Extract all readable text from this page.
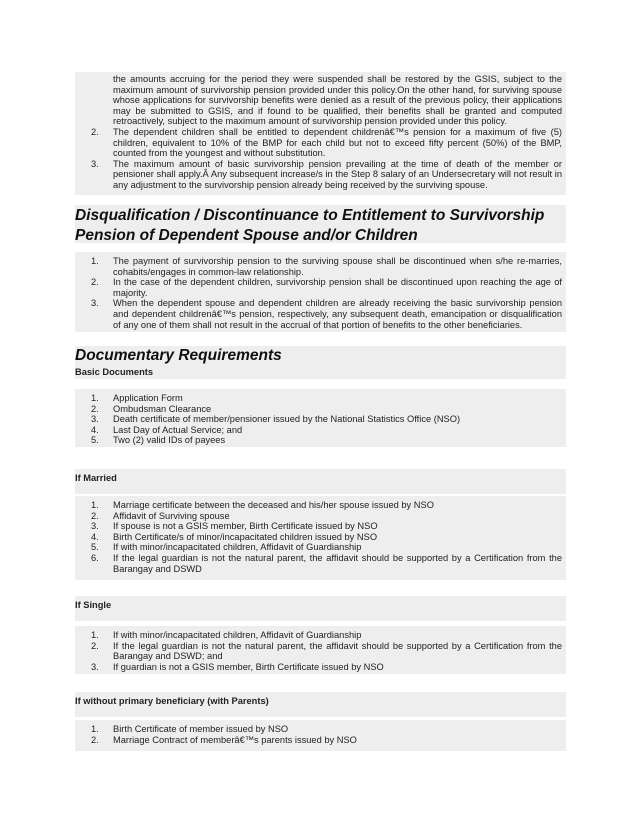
the amounts accruing for the period they were suspended shall be restored by the GSIS, subject to the maximum amount of survivorship pension provided under this policy.On the other hand, for surviving spouse whose applications for survivorship benefits were denied as a result of the previous policy, their applications may be submitted to GSIS, and if found to be qualified, their benefits shall be granted and computed retroactively, subject to the maximum amount of survivorship pension provided under this policy.
2. The dependent children shall be entitled to dependent childrenâ€™s pension for a maximum of five (5) children, equivalent to 10% of the BMP for each child but not to exceed fifty percent (50%) of the BMP, counted from the youngest and without substitution.
3. The maximum amount of basic survivorship pension prevailing at the time of death of the member or pensioner shall apply.Â Any subsequent increase/s in the Step 8 salary of an Undersecretary will not result in any adjustment to the survivorship pension already being received by the surviving spouse.
Disqualification / Discontinuance to Entitlement to Survivorship Pension of Dependent Spouse and/or Children
1. The payment of survivorship pension to the surviving spouse shall be discontinued when s/he re-marries, cohabits/engages in common-law relationship.
2. In the case of the dependent children, survivorship pension shall be discontinued upon reaching the age of majority.
3. When the dependent spouse and dependent children are already receiving the basic survivorship pension and dependent childrenâ€™s pension, respectively, any subsequent death, emancipation or disqualification of any one of them shall not result in the accrual of that portion of benefits to the other beneficiaries.
Documentary Requirements
Basic Documents
1. Application Form
2. Ombudsman Clearance
3. Death certificate of member/pensioner issued by the National Statistics Office (NSO)
4. Last Day of Actual Service; and
5. Two (2) valid IDs of payees
If Married
1. Marriage certificate between the deceased and his/her spouse issued by NSO
2. Affidavit of Surviving spouse
3. If spouse is not a GSIS member, Birth Certificate issued by NSO
4. Birth Certificate/s of minor/incapacitated children issued by NSO
5. If with minor/incapacitated children, Affidavit of Guardianship
6. If the legal guardian is not the natural parent, the affidavit should be supported by a Certification from the Barangay and DSWD
If Single
1. If with minor/incapacitated children, Affidavit of Guardianship
2. If the legal guardian is not the natural parent, the affidavit should be supported by a Certification from the Barangay and DSWD; and
3. If guardian is not a GSIS member, Birth Certificate issued by NSO
If without primary beneficiary (with Parents)
1. Birth Certificate of member issued by NSO
2. Marriage Contract of memberâ€™s parents issued by NSO
